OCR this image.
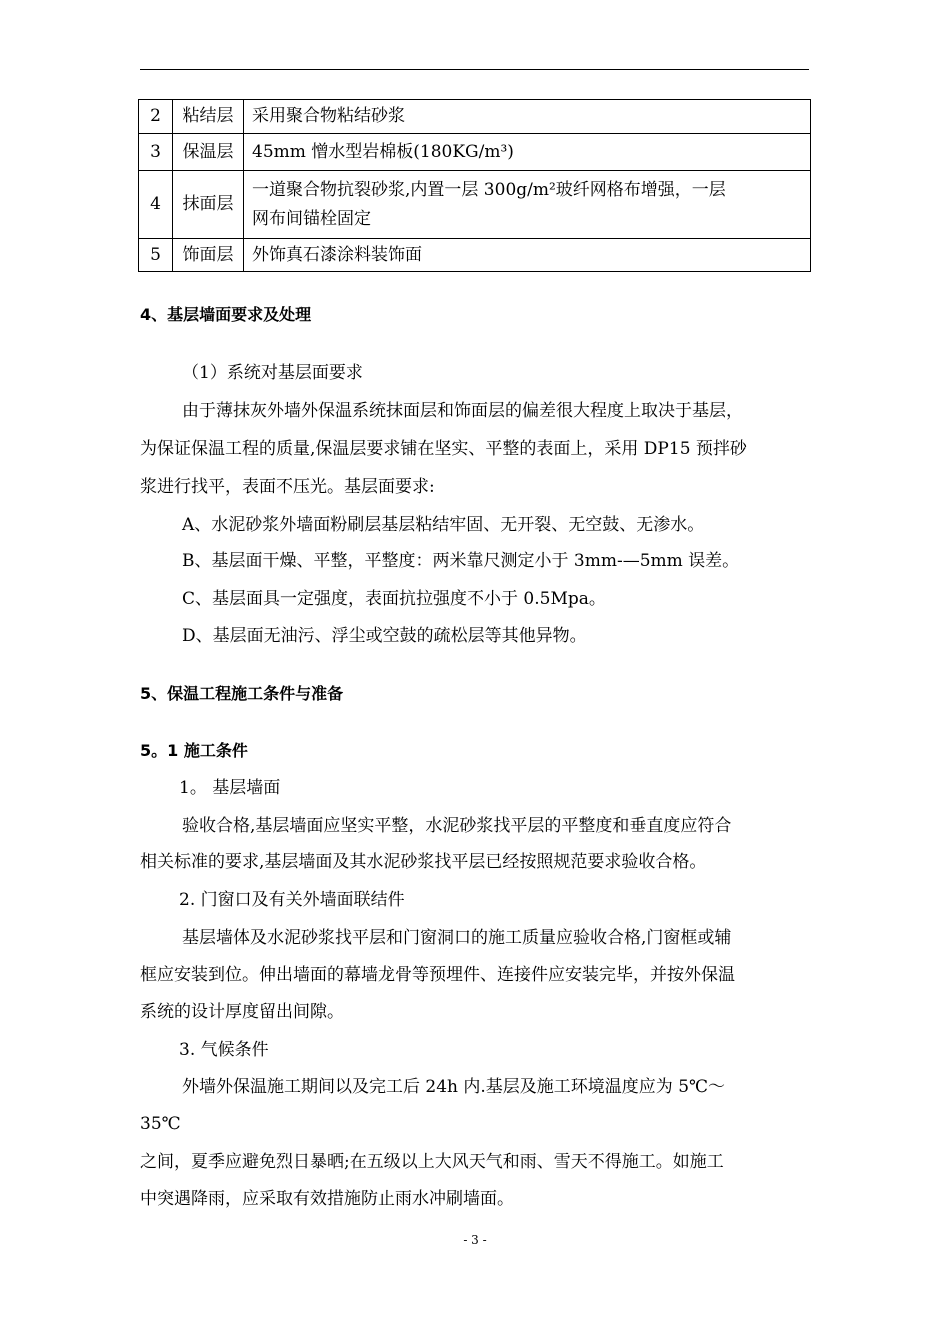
2	粘结层	采用聚合物粘结砂浆
3	保温层	45mm 憎水型岩棉板(180KG/m³)
4	抹面层	一道聚合物抗裂砂浆,内置一层 300g/m²玻纤网格布增强，一层
网布间锚栓固定

5	饰面层	外饰真石漆涂料装饰面
4、基层墙面要求及处理
（1）系统对基层面要求
由于薄抹灰外墙外保温系统抹面层和饰面层的偏差很大程度上取决于基层，
为保证保温工程的质量,保温层要求铺在坚实、平整的表面上，采用 DP15 预拌砂
浆进行找平，表面不压光。基层面要求:
A、水泥砂浆外墙面粉刷层基层粘结牢固、无开裂、无空鼓、无渗水。
B、基层面干燥、平整，平整度：两米靠尺测定小于 3mm-—5mm 误差。
C、基层面具一定强度，表面抗拉强度不小于 0.5Mpa。
D、基层面无油污、浮尘或空鼓的疏松层等其他异物。
5、保温工程施工条件与准备
5。1 施工条件
1。 基层墙面
验收合格,基层墙面应坚实平整，水泥砂浆找平层的平整度和垂直度应符合
相关标准的要求,基层墙面及其水泥砂浆找平层已经按照规范要求验收合格。
2. 门窗口及有关外墙面联结件
基层墙体及水泥砂浆找平层和门窗洞口的施工质量应验收合格,门窗框或辅
框应安装到位。伸出墙面的幕墙龙骨等预埋件、连接件应安装完毕，并按外保温
系统的设计厚度留出间隙。
3. 气候条件
外墙外保温施工期间以及完工后 24h 内.基层及施工环境温度应为 5℃～
35℃
之间，夏季应避免烈日暴晒;在五级以上大风天气和雨、雪天不得施工。如施工
中突遇降雨，应采取有效措施防止雨水冲刷墙面。
- 3 -
